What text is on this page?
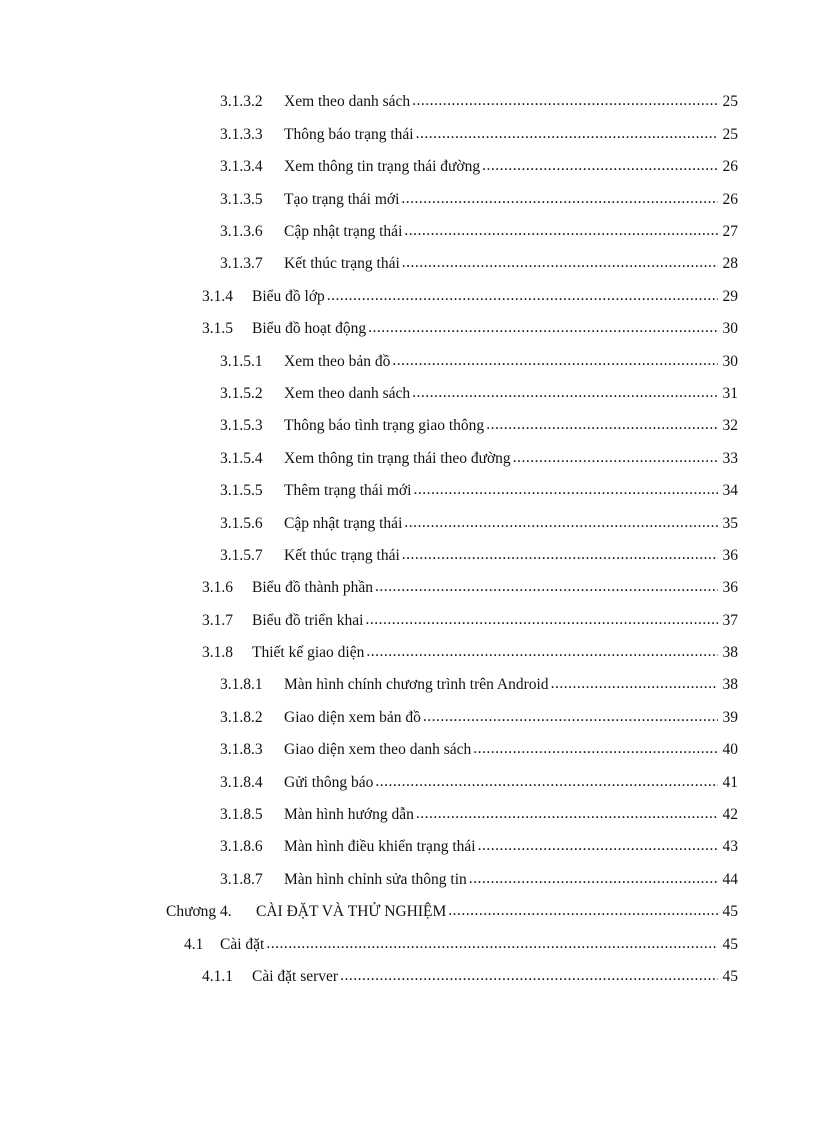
3.1.3.2	Xem theo danh sách .....	25
3.1.3.3	Thông báo trạng thái .....	25
3.1.3.4	Xem thông tin trạng thái đường .....	26
3.1.3.5	Tạo trạng thái mới .....	26
3.1.3.6	Cập nhật trạng thái .....	27
3.1.3.7	Kết thúc trạng thái .....	28
3.1.4	Biểu đồ lớp .....	29
3.1.5	Biểu đồ hoạt động .....	30
3.1.5.1	Xem theo bản đồ .....	30
3.1.5.2	Xem theo danh sách .....	31
3.1.5.3	Thông báo tình trạng giao thông .....	32
3.1.5.4	Xem thông tin trạng thái theo đường .....	33
3.1.5.5	Thêm trạng thái mới .....	34
3.1.5.6	Cập nhật trạng thái .....	35
3.1.5.7	Kết thúc trạng thái .....	36
3.1.6	Biểu đồ thành phần .....	36
3.1.7	Biểu đồ triển khai .....	37
3.1.8	Thiết kế giao diện .....	38
3.1.8.1	Màn hình chính chương trình trên Android .....	38
3.1.8.2	Giao diện xem bản đồ .....	39
3.1.8.3	Giao diện xem theo danh sách .....	40
3.1.8.4	Gửi thông báo .....	41
3.1.8.5	Màn hình hướng dẫn .....	42
3.1.8.6	Màn hình điều khiển trạng thái .....	43
3.1.8.7	Màn hình chỉnh sửa thông tin .....	44
Chương 4.	CÀI ĐẶT VÀ THỬ NGHIỆM .....	45
4.1	Cài đặt .....	45
4.1.1	Cài đặt server .....	45
